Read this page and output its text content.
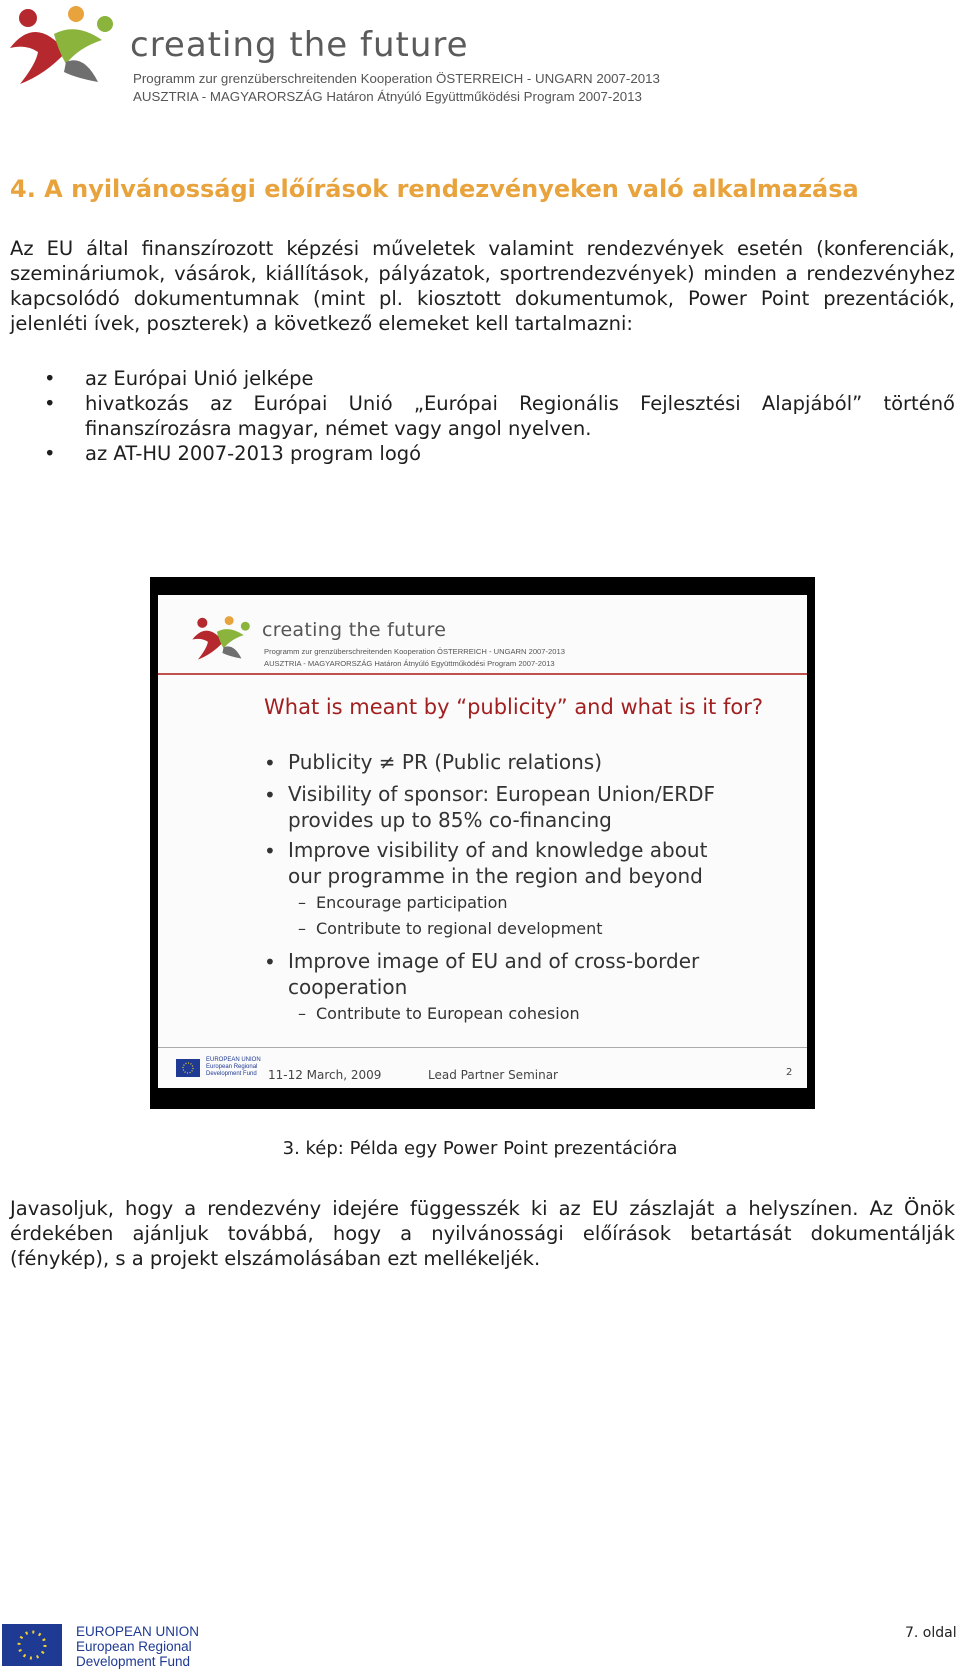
creating the future
Programm zur grenzüberschreitenden Kooperation ÖSTERREICH - UNGARN 2007-2013
AUSZTRIA - MAGYARORSZÁG Határon Átnyúló Együttműködési Program 2007-2013
4. A nyilvánossági előírások rendezvényeken való alkalmazása
Az EU által finanszírozott képzési műveletek valamint rendezvények esetén (konferenciák, szemináriumok, vásárok, kiállítások, pályázatok, sportrendezvények) minden a rendezvényhez kapcsolódó dokumentumnak (mint pl. kiosztott dokumentumok, Power Point prezentációk, jelenléti ívek, poszterek) a következő elemeket kell tartalmazni:
• az Európai Unió jelképe
• hivatkozás az Európai Unió „Európai Regionális Fejlesztési Alapjából” történő finanszírozásra magyar, német vagy angol nyelven.
• az AT-HU 2007-2013 program logó
creating the future
Programm zur grenzüberschreitenden Kooperation ÖSTERREICH - UNGARN 2007-2013
AUSZTRIA - MAGYARORSZÁG Határon Átnyúló Együttműködési Program 2007-2013
What is meant by “publicity” and what is it for?
• Publicity ≠ PR (Public relations)
• Visibility of sponsor: European Union/ERDF
provides up to 85% co-financing
• Improve visibility of and knowledge about
our programme in the region and beyond
– Encourage participation
– Contribute to regional development
• Improve image of EU and of cross-border
cooperation
– Contribute to European cohesion
EUROPEAN UNION
European Regional
Development Fund 11-12 March, 2009	Lead Partner Seminar	2
3. kép: Példa egy Power Point prezentációra
Javasoljuk, hogy a rendezvény idejére függesszék ki az EU zászlaját a helyszínen. Az Önök érdekében ajánljuk továbbá, hogy a nyilvánossági előírások betartását dokumentálják (fénykép), s a projekt elszámolásában ezt mellékeljék.
EUROPEAN UNION
European Regional
Development Fund
7. oldal
